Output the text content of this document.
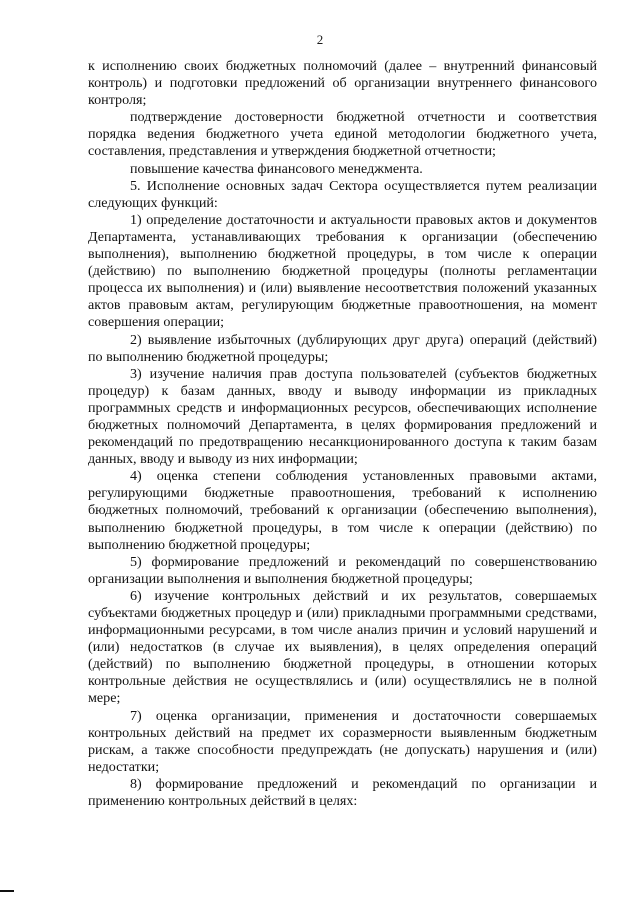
2

к исполнению своих бюджетных полномочий (далее – внутренний финансовый контроль) и подготовки предложений об организации внутреннего финансового контроля;

подтверждение достоверности бюджетной отчетности и соответствия порядка ведения бюджетного учета единой методологии бюджетного учета, составления, представления и утверждения бюджетной отчетности;

повышение качества финансового менеджмента.

5. Исполнение основных задач Сектора осуществляется путем реализации следующих функций:

1) определение достаточности и актуальности правовых актов и документов Департамента, устанавливающих требования к организации (обеспечению выполнения), выполнению бюджетной процедуры, в том числе к операции (действию) по выполнению бюджетной процедуры (полноты регламентации процесса их выполнения) и (или) выявление несоответствия положений указанных актов правовым актам, регулирующим бюджетные правоотношения, на момент совершения операции;

2) выявление избыточных (дублирующих друг друга) операций (действий) по выполнению бюджетной процедуры;

3) изучение наличия прав доступа пользователей (субъектов бюджетных процедур) к базам данных, вводу и выводу информации из прикладных программных средств и информационных ресурсов, обеспечивающих исполнение бюджетных полномочий Департамента, в целях формирования предложений и рекомендаций по предотвращению несанкционированного доступа к таким базам данных, вводу и выводу из них информации;

4) оценка степени соблюдения установленных правовыми актами, регулирующими бюджетные правоотношения, требований к исполнению бюджетных полномочий, требований к организации (обеспечению выполнения), выполнению бюджетной процедуры, в том числе к операции (действию) по выполнению бюджетной процедуры;

5) формирование предложений и рекомендаций по совершенствованию организации выполнения и выполнения бюджетной процедуры;

6) изучение контрольных действий и их результатов, совершаемых субъектами бюджетных процедур и (или) прикладными программными средствами, информационными ресурсами, в том числе анализ причин и условий нарушений и (или) недостатков (в случае их выявления), в целях определения операций (действий) по выполнению бюджетной процедуры, в отношении которых контрольные действия не осуществлялись и (или) осуществлялись не в полной мере;

7) оценка организации, применения и достаточности совершаемых контрольных действий на предмет их соразмерности выявленным бюджетным рискам, а также способности предупреждать (не допускать) нарушения и (или) недостатки;

8) формирование предложений и рекомендаций по организации и применению контрольных действий в целях:
